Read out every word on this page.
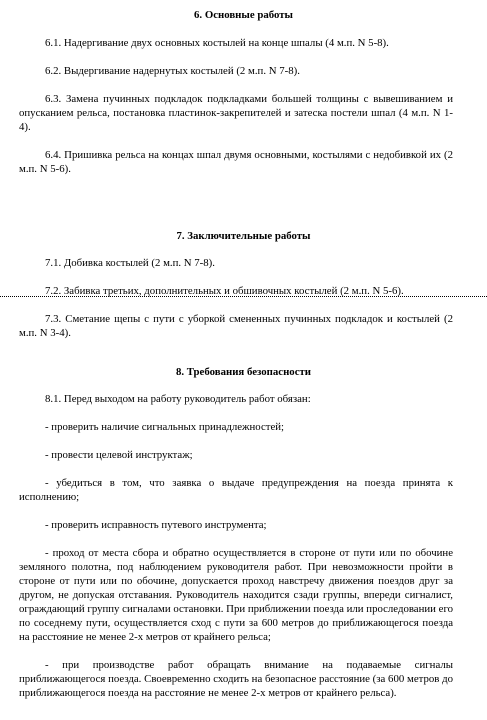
6. Основные работы
6.1. Надергивание двух основных костылей на конце шпалы (4 м.п. N 5-8).
6.2. Выдергивание надернутых костылей (2 м.п. N 7-8).
6.3. Замена пучинных подкладок подкладками большей толщины с вывешиванием и опусканием рельса, постановка пластинок-закрепителей и затеска постели шпал (4 м.п. N 1-4).
6.4. Пришивка рельса на концах шпал двумя основными, костылями с недобивкой их (2 м.п. N 5-6).
7. Заключительные работы
7.1. Добивка костылей (2 м.п. N 7-8).
7.2. Забивка третьих, дополнительных и обшивочных костылей (2 м.п. N 5-6).
7.3. Сметание щепы с пути с уборкой смененных пучинных подкладок и костылей (2 м.п. N 3-4).
8. Требования безопасности
8.1. Перед выходом на работу руководитель работ обязан:
- проверить наличие сигнальных принадлежностей;
- провести целевой инструктаж;
- убедиться в том, что заявка о выдаче предупреждения на поезда принята к исполнению;
- проверить исправность путевого инструмента;
- проход от места сбора и обратно осуществляется в стороне от пути или по обочине земляного полотна, под наблюдением руководителя работ. При невозможности пройти в стороне от пути или по обочине, допускается проход навстречу движения поездов друг за другом, не допуская отставания. Руководитель находится сзади группы, впереди сигналист, ограждающий группу сигналами остановки. При приближении поезда или проследовании его по соседнему пути, осуществляется сход с пути за 600 метров до приближающегося поезда на расстояние не менее 2-х метров от крайнего рельса;
- при производстве работ обращать внимание на подаваемые сигналы приближающегося поезда. Своевременно сходить на безопасное расстояние (за 600 метров до приближающегося поезда на расстояние не менее 2-х метров от крайнего рельса).
